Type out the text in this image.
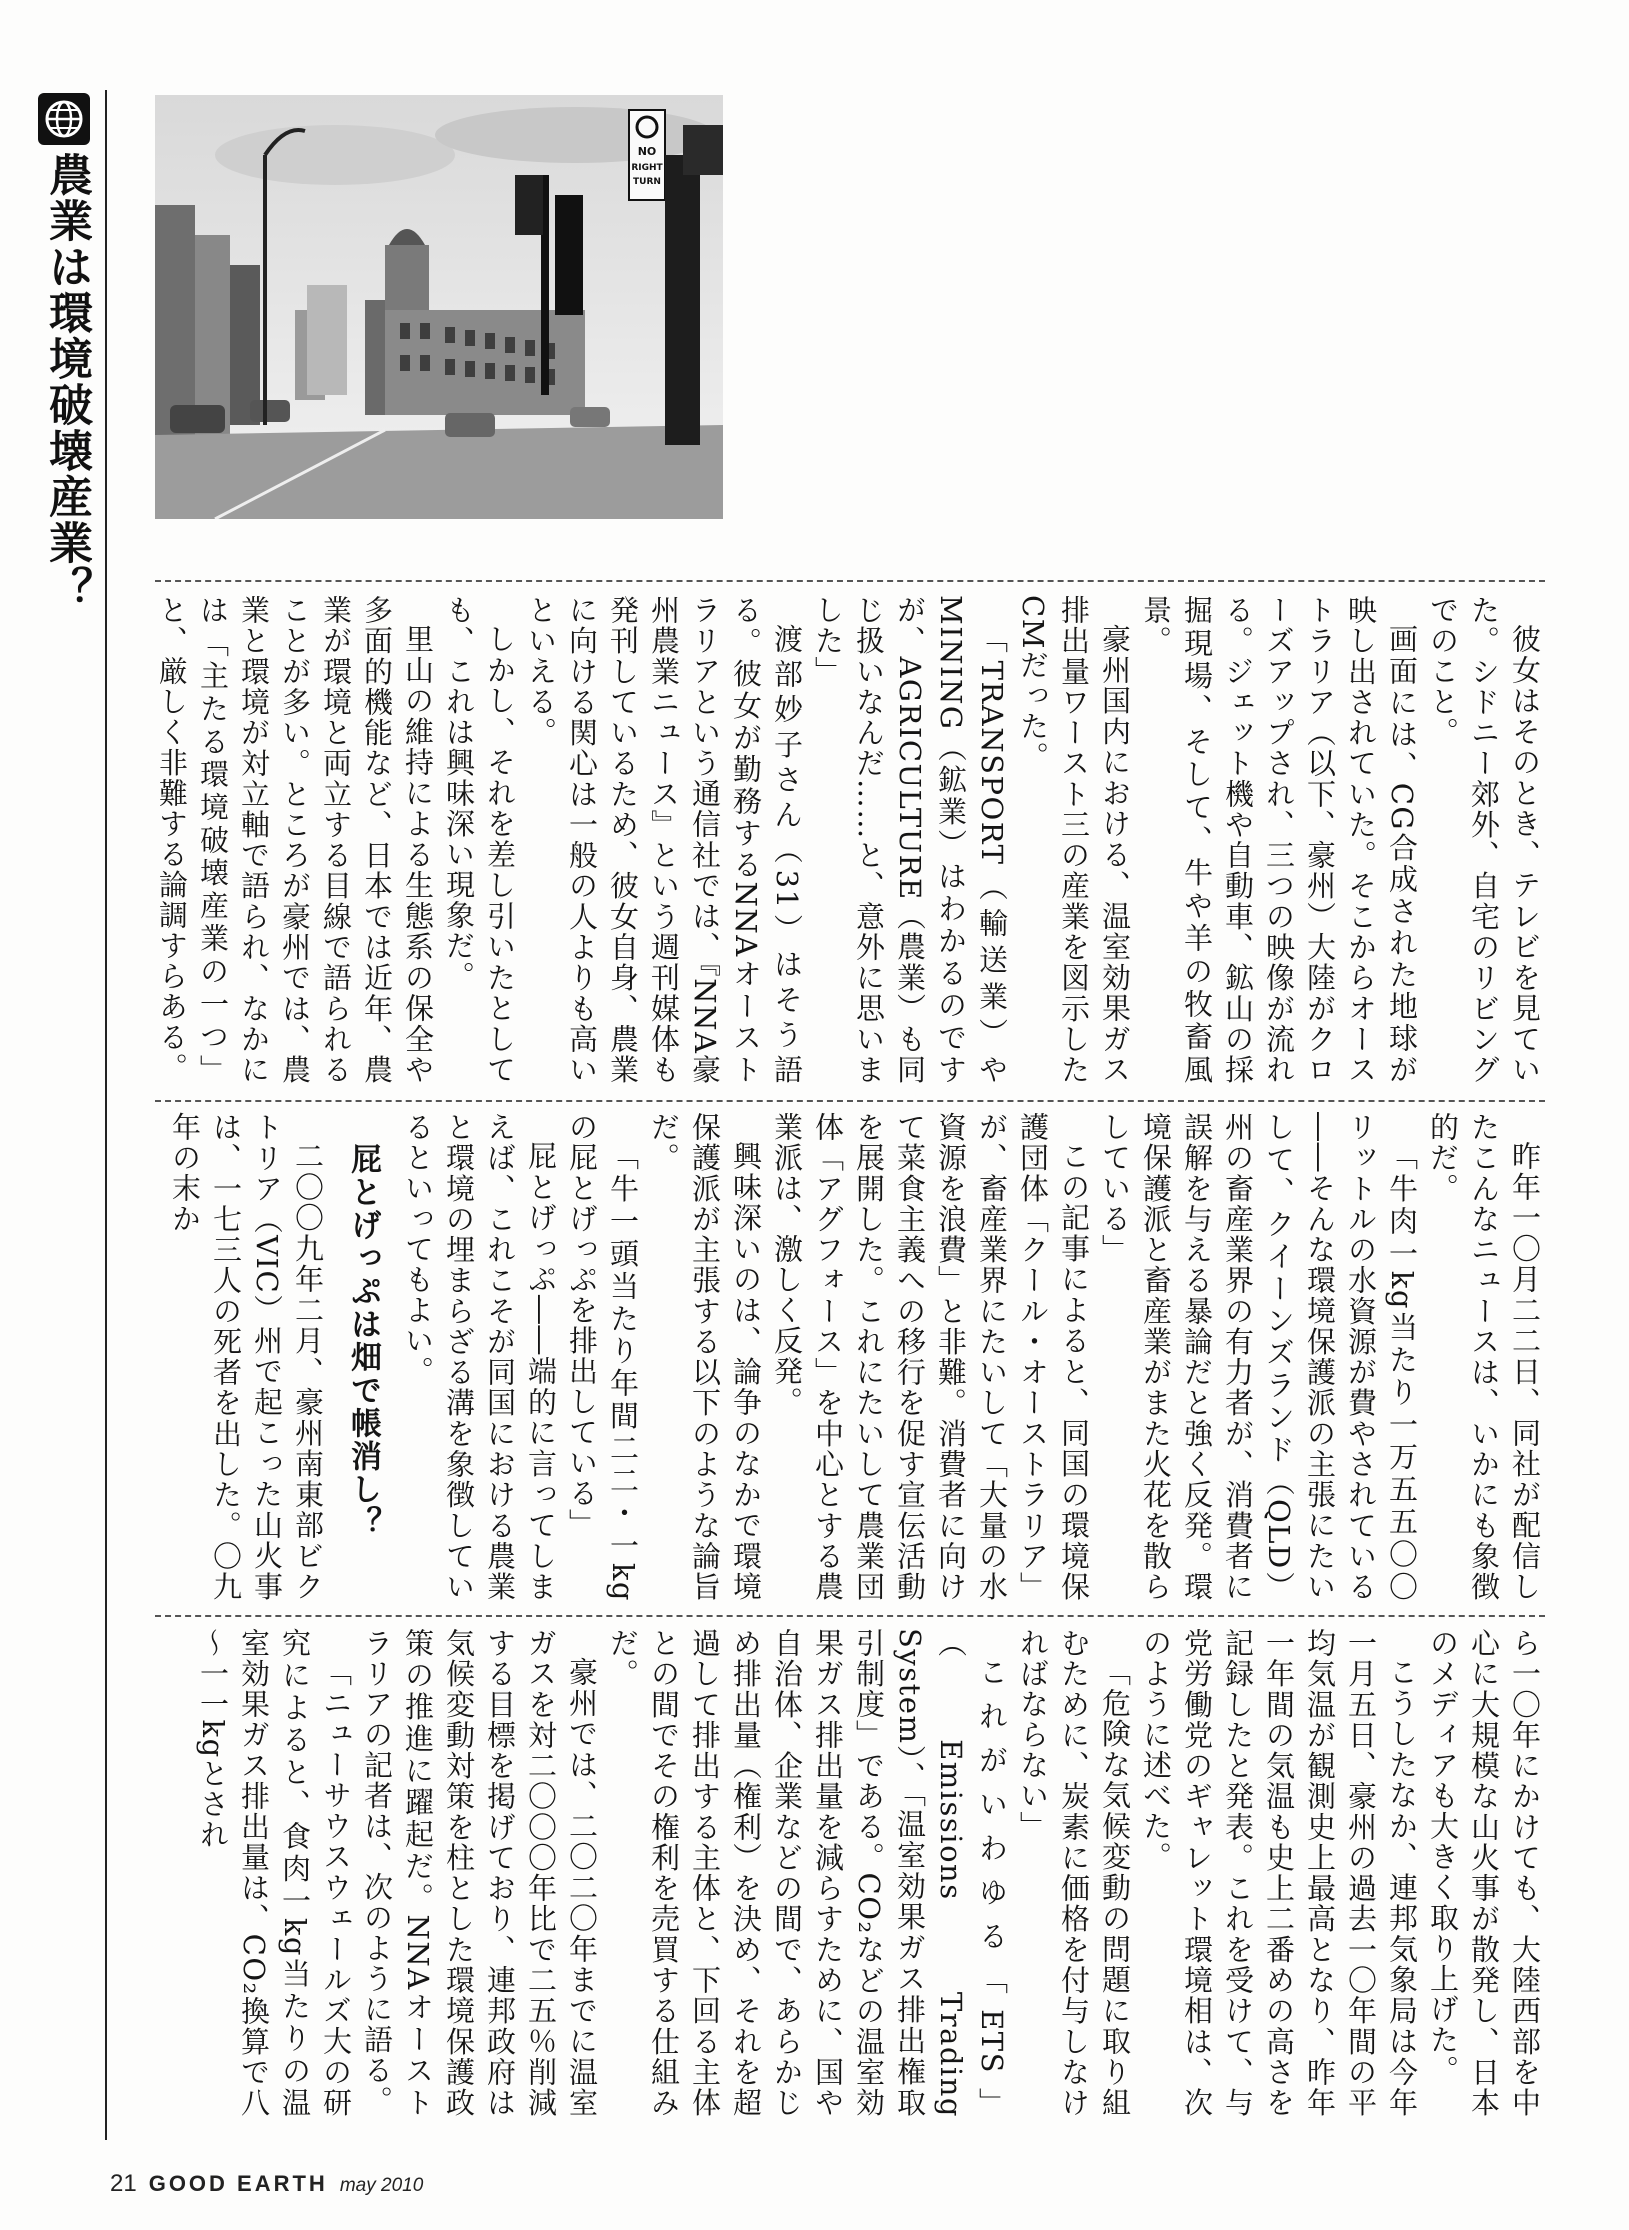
農業は環境破壊産業？
NO
RIGHT
TURN

彼女はそのとき、テレビを見ていた。シドニー郊外、自宅のリビングでのこと。

画面には、CG合成された地球が映し出されていた。そこからオーストラリア（以下、豪州）大陸がクローズアップされ、三つの映像が流れる。ジェット機や自動車、鉱山の採掘現場、そして、牛や羊の牧畜風景。

豪州国内における、温室効果ガス排出量ワースト三の産業を図示したCMだった。

「TRANSPORT（輸送業）やMINING（鉱業）はわかるのですが、AGRICULTURE（農業）も同じ扱いなんだ……と、意外に思いました」

渡部妙子さん（31）はそう語る。彼女が勤務するNNAオーストラリアという通信社では、『NNA豪州農業ニュース』という週刊媒体も発刊しているため、彼女自身、農業に向ける関心は一般の人よりも高いといえる。

しかし、それを差し引いたとしても、これは興味深い現象だ。

里山の維持による生態系の保全や多面的機能など、日本では近年、農業が環境と両立する目線で語られることが多い。ところが豪州では、農業と環境が対立軸で語られ、なかには「主たる環境破壊産業の一つ」と、厳しく非難する論調すらある。

昨年一〇月二二日、同社が配信したこんなニュースは、いかにも象徴的だ。

「牛肉一kg当たり一万五五〇〇リットルの水資源が費やされている――そんな環境保護派の主張にたいして、クイーンズランド（QLD）州の畜産業界の有力者が、消費者に誤解を与える暴論だと強く反発。環境保護派と畜産業がまた火花を散らしている」

この記事によると、同国の環境保護団体「クール・オーストラリア」が、畜産業界にたいして「大量の水資源を浪費」と非難。消費者に向けて菜食主義への移行を促す宣伝活動を展開した。これにたいして農業団体「アグフォース」を中心とする農業派は、激しく反発。

興味深いのは、論争のなかで環境保護派が主張する以下のような論旨だ。

「牛一頭当たり年間二二・一kgの屁とげっぷを排出している」

屁とげっぷ――端的に言ってしまえば、これこそが同国における農業と環境の埋まらざる溝を象徴しているといってもよい。

屁とげっぷは畑で帳消し？

二〇〇九年二月、豪州南東部ビクトリア（VIC）州で起こった山火事は、一七三人の死者を出した。〇九年の末か

ら一〇年にかけても、大陸西部を中心に大規模な山火事が散発し、日本のメディアも大きく取り上げた。

こうしたなか、連邦気象局は今年一月五日、豪州の過去一〇年間の平均気温が観測史上最高となり、昨年一年間の気温も史上二番めの高さを記録したと発表。これを受けて、与党労働党のギャレット環境相は、次のように述べた。

「危険な気候変動の問題に取り組むために、炭素に価格を付与しなければならない」

これがいわゆる「ETS」（Emissions Trading System）、「温室効果ガス排出権取引制度」である。CO₂などの温室効果ガス排出量を減らすために、国や自治体、企業などの間で、あらかじめ排出量（権利）を決め、それを超過して排出する主体と、下回る主体との間でその権利を売買する仕組みだ。

豪州では、二〇二〇年までに温室ガスを対二〇〇〇年比で二五％削減する目標を掲げており、連邦政府は気候変動対策を柱とした環境保護政策の推進に躍起だ。NNAオーストラリアの記者は、次のように語る。

「ニューサウスウェールズ大の研究によると、食肉一kg当たりの温室効果ガス排出量は、CO₂換算で八～一一kgとされ

21 GOOD EARTH may 2010
